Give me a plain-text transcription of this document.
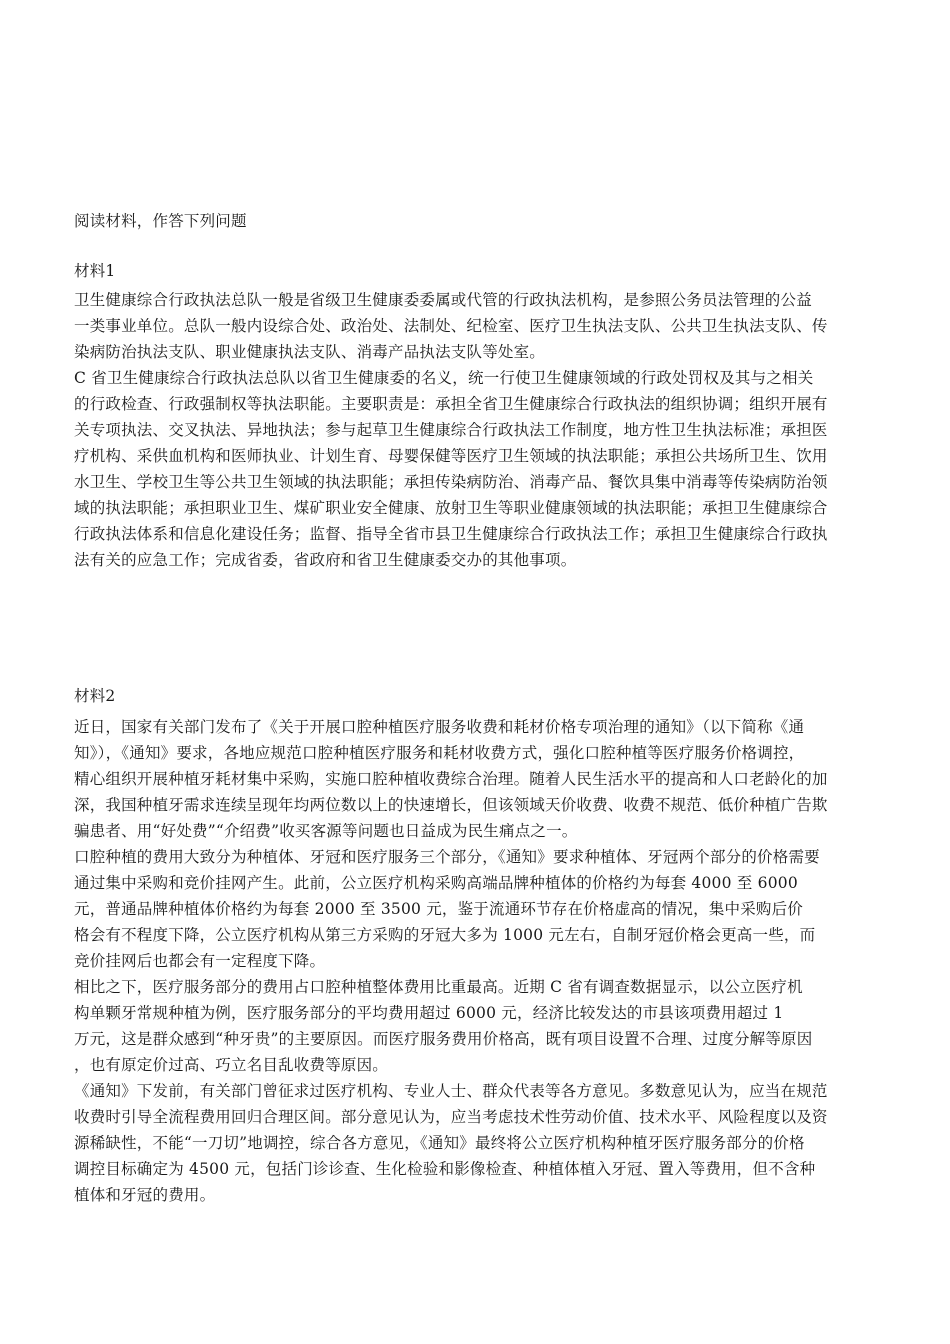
阅读材料，作答下列问题
材料1
卫生健康综合行政执法总队一般是省级卫生健康委委属或代管的行政执法机构，是参照公务员法管理的公益
一类事业单位。总队一般内设综合处、政治处、法制处、纪检室、医疗卫生执法支队、公共卫生执法支队、传
染病防治执法支队、职业健康执法支队、消毒产品执法支队等处室。
C 省卫生健康综合行政执法总队以省卫生健康委的名义，统一行使卫生健康领域的行政处罚权及其与之相关
的行政检查、行政强制权等执法职能。主要职责是：承担全省卫生健康综合行政执法的组织协调；组织开展有
关专项执法、交叉执法、异地执法；参与起草卫生健康综合行政执法工作制度，地方性卫生执法标准；承担医
疗机构、采供血机构和医师执业、计划生育、母婴保健等医疗卫生领域的执法职能；承担公共场所卫生、饮用
水卫生、学校卫生等公共卫生领域的执法职能；承担传染病防治、消毒产品、餐饮具集中消毒等传染病防治领
域的执法职能；承担职业卫生、煤矿职业安全健康、放射卫生等职业健康领域的执法职能；承担卫生健康综合
行政执法体系和信息化建设任务；监督、指导全省市县卫生健康综合行政执法工作；承担卫生健康综合行政执
法有关的应急工作；完成省委，省政府和省卫生健康委交办的其他事项。
材料2
近日，国家有关部门发布了《关于开展口腔种植医疗服务收费和耗材价格专项治理的通知》（以下简称《通
知》），《通知》要求，各地应规范口腔种植医疗服务和耗材收费方式，强化口腔种植等医疗服务价格调控，
精心组织开展种植牙耗材集中采购，实施口腔种植收费综合治理。随着人民生活水平的提高和人口老龄化的加
深，我国种植牙需求连续呈现年均两位数以上的快速增长，但该领域天价收费、收费不规范、低价种植广告欺
骗患者、用“好处费”“介绍费”收买客源等问题也日益成为民生痛点之一。
口腔种植的费用大致分为种植体、牙冠和医疗服务三个部分，《通知》要求种植体、牙冠两个部分的价格需要
通过集中采购和竞价挂网产生。此前，公立医疗机构采购高端品牌种植体的价格约为每套 4000 至 6000
元，普通品牌种植体价格约为每套 2000 至 3500 元，鉴于流通环节存在价格虚高的情况，集中采购后价
格会有不程度下降，公立医疗机构从第三方采购的牙冠大多为 1000 元左右，自制牙冠价格会更高一些，而
竞价挂网后也都会有一定程度下降。
相比之下，医疗服务部分的费用占口腔种植整体费用比重最高。近期 C 省有调查数据显示，以公立医疗机
构单颗牙常规种植为例，医疗服务部分的平均费用超过 6000 元，经济比较发达的市县该项费用超过 1
万元，这是群众感到“种牙贵”的主要原因。而医疗服务费用价格高，既有项目设置不合理、过度分解等原因
，也有原定价过高、巧立名目乱收费等原因。
《通知》下发前，有关部门曾征求过医疗机构、专业人士、群众代表等各方意见。多数意见认为，应当在规范
收费时引导全流程费用回归合理区间。部分意见认为，应当考虑技术性劳动价值、技术水平、风险程度以及资
源稀缺性，不能“一刀切”地调控，综合各方意见，《通知》最终将公立医疗机构种植牙医疗服务部分的价格
调控目标确定为 4500 元，包括门诊诊查、生化检验和影像检查、种植体植入牙冠、置入等费用，但不含种
植体和牙冠的费用。
